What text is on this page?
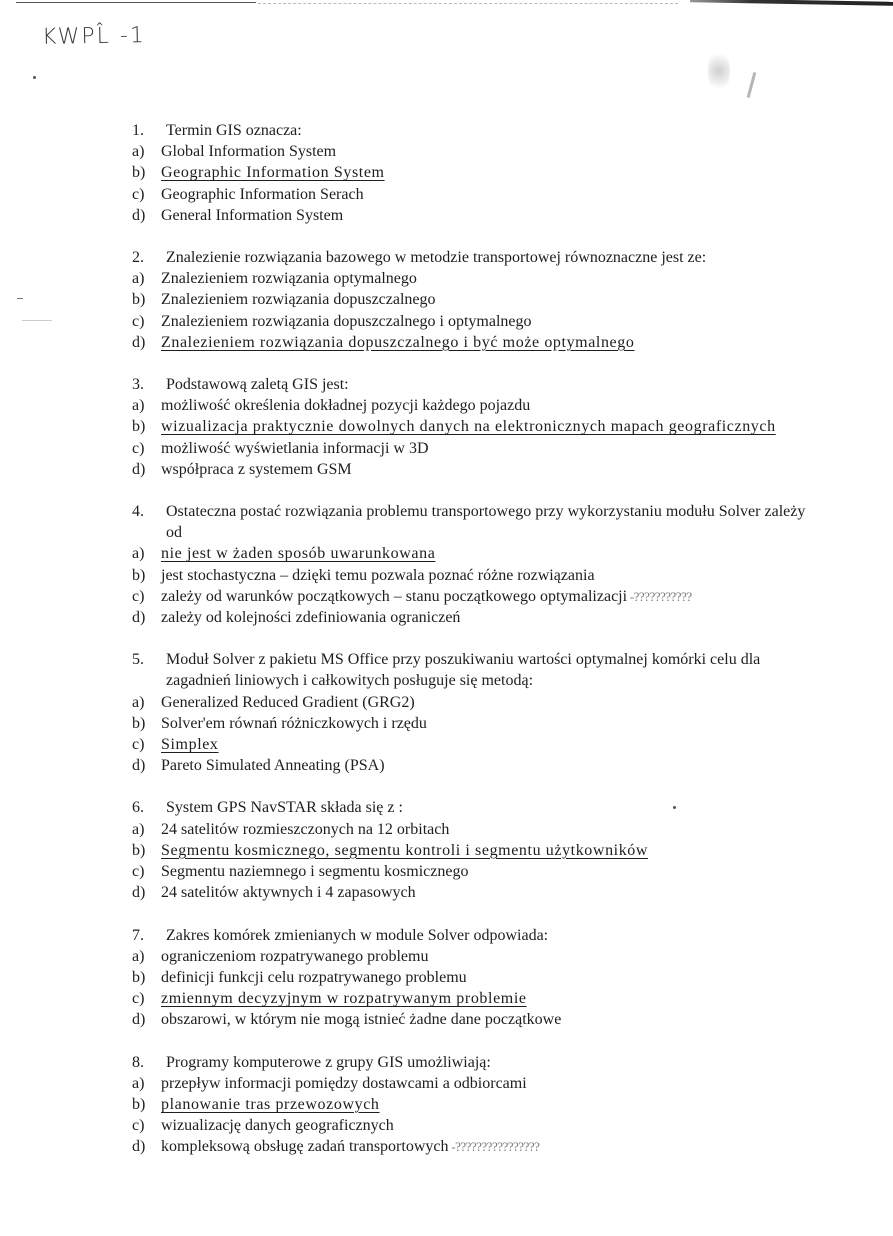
KWPL̂ -1
1.	Termin GIS oznacza:
a)	Global Information System
b) Geographic Information System
c)	Geographic Information Serach
d) General Information System
2.	Znalezienie rozwiązania bazowego w metodzie transportowej równoznaczne jest ze:
a)	Znalezieniem rozwiązania optymalnego
b) Znalezieniem rozwiązania dopuszczalnego
c)	Znalezieniem rozwiązania dopuszczalnego i optymalnego
d) Znalezieniem rozwiązania dopuszczalnego i być może optymalnego
3.	Podstawową zaletą GIS jest:
a)	możliwość określenia dokładnej pozycji każdego pojazdu
b) wizualizacja praktycznie dowolnych danych na elektronicznych mapach geograficznych
c)	możliwość wyświetlania informacji w 3D
d) współpraca z systemem GSM
4.	Ostateczna postać rozwiązania problemu transportowego przy wykorzystaniu modułu Solver zależy od
a)	nie jest w żaden sposób uwarunkowana
b) jest stochastyczna – dzięki temu pozwala poznać różne rozwiązania
c)	zależy od warunków początkowych – stanu początkowego optymalizacji -???????????
d) zależy od kolejności zdefiniowania ograniczeń
5.	Moduł Solver z pakietu MS Office przy poszukiwaniu wartości optymalnej komórki celu dla zagadnień liniowych i całkowitych posługuje się metodą:
a)	Generalized Reduced Gradient (GRG2)
b) Solver'em równań różniczkowych i rzędu
c)	Simplex
d) Pareto Simulated Anneating (PSA)
6.	System GPS NavSTAR składa się z :
a)	24 satelitów rozmieszczonych na 12 orbitach
b) Segmentu kosmicznego, segmentu kontroli i segmentu użytkowników
c)	Segmentu naziemnego i segmentu kosmicznego
d) 24 satelitów aktywnych i 4 zapasowych
7.	Zakres komórek zmienianych w module Solver odpowiada:
a)	ograniczeniom rozpatrywanego problemu
b) definicji funkcji celu rozpatrywanego problemu
c)	zmiennym decyzyjnym w rozpatrywanym problemie
d) obszarowi, w którym nie mogą istnieć żadne dane początkowe
8.	Programy komputerowe z grupy GIS umożliwiają:
a)	przepływ informacji pomiędzy dostawcami a odbiorcami
b) planowanie tras przewozowych
c)	wizualizację danych geograficznych
d) kompleksową obsługę zadań transportowych -????????????????
